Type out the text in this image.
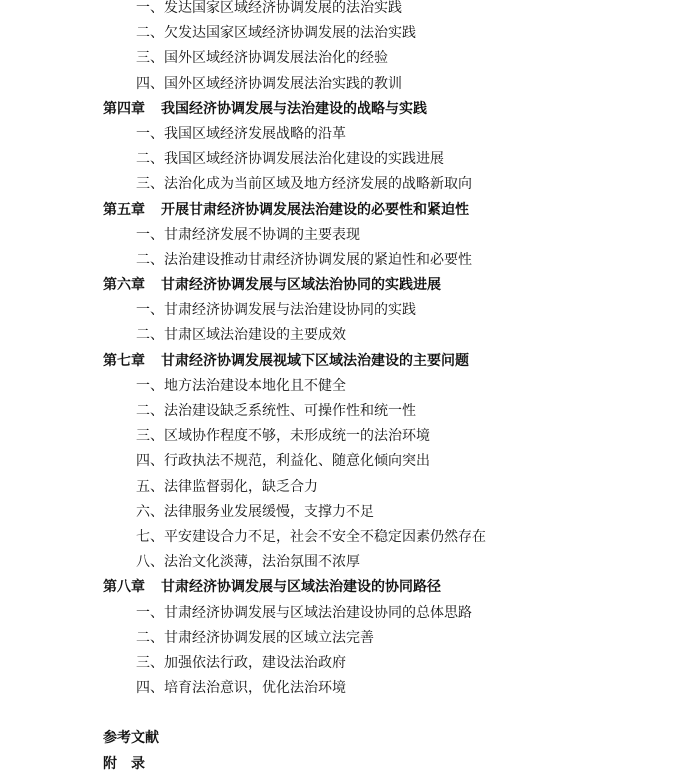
一、发达国家区域经济协调发展的法治实践
二、欠发达国家区域经济协调发展的法治实践
三、国外区域经济协调发展法治化的经验
四、国外区域经济协调发展法治实践的教训
第四章 我国经济协调发展与法治建设的战略与实践
一、我国区域经济发展战略的沿革
二、我国区域经济协调发展法治化建设的实践进展
三、法治化成为当前区域及地方经济发展的战略新取向
第五章 开展甘肃经济协调发展法治建设的必要性和紧迫性
一、甘肃经济发展不协调的主要表现
二、法治建设推动甘肃经济协调发展的紧迫性和必要性
第六章 甘肃经济协调发展与区域法治协同的实践进展
一、甘肃经济协调发展与法治建设协同的实践
二、甘肃区域法治建设的主要成效
第七章 甘肃经济协调发展视域下区域法治建设的主要问题
一、地方法治建设本地化且不健全
二、法治建设缺乏系统性、可操作性和统一性
三、区域协作程度不够，未形成统一的法治环境
四、行政执法不规范，利益化、随意化倾向突出
五、法律监督弱化，缺乏合力
六、法律服务业发展缓慢，支撑力不足
七、平安建设合力不足，社会不安全不稳定因素仍然存在
八、法治文化淡薄，法治氛围不浓厚
第八章 甘肃经济协调发展与区域法治建设的协同路径
一、甘肃经济协调发展与区域法治建设协同的总体思路
二、甘肃经济协调发展的区域立法完善
三、加强依法行政，建设法治政府
四、培育法治意识，优化法治环境
参考文献
附　录
